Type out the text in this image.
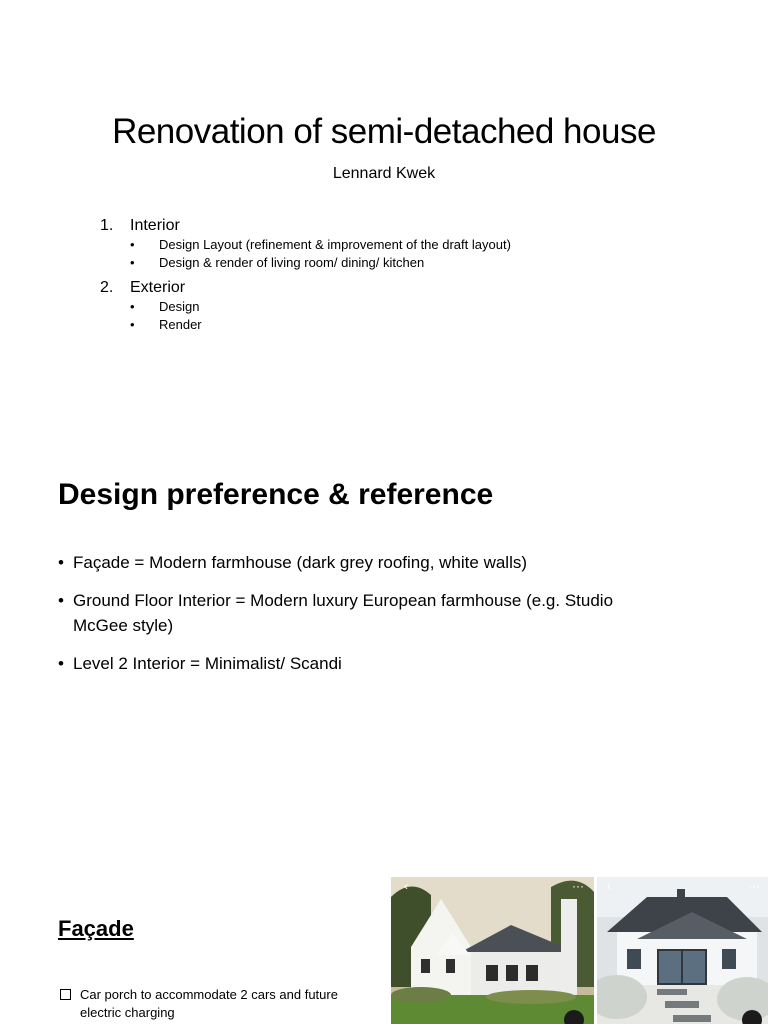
Renovation of semi-detached house
Lennard Kwek
1.	Interior
• Design Layout (refinement & improvement of the draft layout)
• Design & render of living room/ dining/ kitchen
2.	Exterior
• Design
• Render
Design preference & reference
• Façade = Modern farmhouse (dark grey roofing, white walls)
• Ground Floor Interior = Modern luxury European farmhouse (e.g. Studio McGee style)
• Level 2 Interior = Minimalist/ Scandi
Façade
Car porch to accommodate 2 cars and future electric charging
‹	··· ‹	···
